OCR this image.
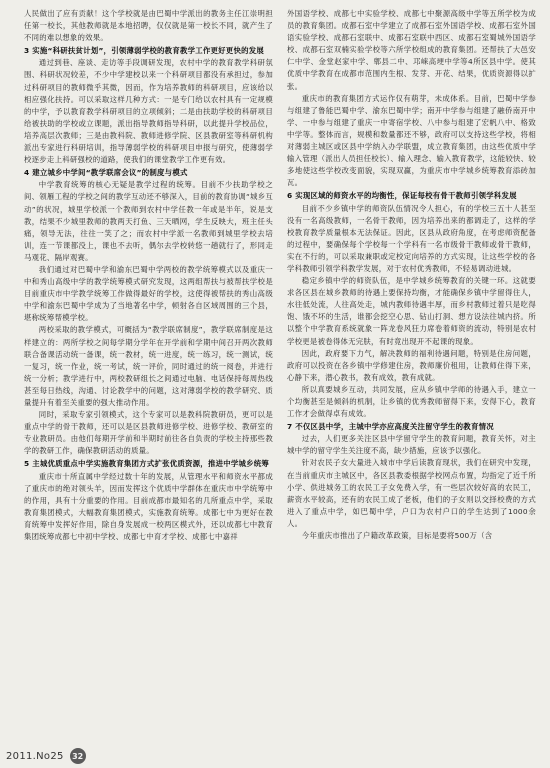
人民做出了应有贡献！这个学校就是由巴蜀中学派出的教务主任江崇明担任第一校长，其他教师就是本地招聘，仅仅就是第一校长不同，就产生了不同的难以想象的效果。

3 实施“科研扶贫计划”，引领薄弱学校的教育教学工作更好更快的发展

通过到巷、座谈、走访等手段调研发现，农村中学的教育教学科研氛围、科研状况较差，不少中学建校以来一个科研项目都没有承担过，参加过科研项目的教师微乎其微，因而，作为培养教师的科研项目，应该给以相应强化扶持。可以采取这样几种方式：一是专门给以农村具有一定规模的中学，予以教育教学科研项目的立项倾斜；二是由扶助学校的科研项目给被扶助的学校或立课题，派出指导教师指导科研，以此提升学校品位，培养高层次教师；三是由教科院、教师进修学院、区县教研室等科研机构派出专家进行科研培训，指导薄弱学校的科研项目申报与研究，使薄弱学校逐步走上科研强校的道路，使我们的课堂教学工作更有效。

4 建立城乡中学间“教学联席会议”的制度与模式

中学教育统筹的核心无疑是教学过程的统筹。目前不少扶助学校之间、领雁工程的学校之间的教学互动还不够深入，目前的教育协调“城乡互动”的状况，城里学校派一个教师到农村中学任教一年或是半年，说是支教，结果不少城里教师的教两天打鱼、三天晒网，学生反映大，班主任头痛，领导无法，往往一笑了之；而农村中学派一名教师到城里学校去培训，连一节课都没上，课也不去听，偶尔去学校转悠一趟就行了，形同走马观花、隔岸观赛。

我们通过对巴蜀中学和渝东巴蜀中学两校的教学统筹模式以及重庆一中和秀山高级中学的教学统筹模式研究发现，这两组帮扶与被帮扶学校是目前重庆市中学教学统筹工作做得最好的学校，这使得被帮扶的秀山高级中学和渝东巴蜀中学成为了当地著名中学，顿射各自区域周围的三个县，堪称统筹帮模学校。

两校采取的教学模式，可概括为“教学联席制度”，教学联席制度是这样建立的：两所学校之间每学期分学年在开学前和学期中间召开两次教师联合备课活动统一备课，统一教材，统一进度，统一练习，统一测试，统一复习，统一作业，统一考试，统一评价，同时通过的统一阅卷，并进行统一分析；教学进行中，两校教研组长之间通过电脑、电话保持每周热线甚至每日热线，沟通、讨论教学中的问题，这对薄弱学校的教学研究、质量提升有着至关重要的强大推动作用。

同时，采取专家引领模式，这个专家可以是教科院教研员，更可以是重点中学的骨干教师，还可以是区县教师进修学校、进修学校、教研室的专业教研员。由他们每期开学前和半期时前往各自负责的学校主持那些教学的教研工作，确保教研活动的质量。

5 主城优质重点中学实施教育集团方式扩张优质资源，推进中学城乡统筹

重庆市十所直属中学经过数十年的发展，从管理水平和师资水平都成了重庆市的绝对领头羊，因而发挥这个优质中学群体在重庆市中学统筹中的作用，具有十分重要的作用。目前成都市最知名的几所重点中学，采取教育集团模式，大幅教育集团模式，实施教育统筹。成都七中为更好在教育统筹中发挥好作用，除自身发展成一校两区模式外，还以成都七中教育集团统筹成都七中初中学校、成都七中育才学校、成都七中嘉祥

外国语学校、成都七中实验学校、成都七中聚源高级中学等五所学校为成员的教育集团。成都石室中学建立了成都石室外国语学校、成都石室外国语实验学校、成都石室联中、成都石室联中西区、成都石室蜀城外国语学校、成都石室双楠实验学校等六所学校组成的教育集团。还帮扶了大邑安仁中学、金堂赵家中学、郫县二中、邛崃高埂中学等4所区县中学。使其优质中学教育在成都市范围内生根、发芽、开花、结果，优质资源得以扩张。

重庆市的教育集团方式运作仅有萌芽，未成体系。目前，巴蜀中学参与组建了鲁能巴蜀中学、渝东巴蜀中学；南开中学参与组建了融侨南开中学、一中参与组建了重庆一中寄宿学校、八中参与组建了宏帆八中、格致中学等。整体而言，规模和数量都还不够，政府可以支持这些学校，将相对薄弱主城区或区县中学纳入办学联盟，成立教育集团，由这些优质中学输入管理（派出人员担任校长）、输入理念、输入教育教学，这能较快、较多地使这些学校改变面貌，实现双赢，为重庆市中学城乡统筹教育添砖加瓦。

6 实现区域的师资水平的均衡性，保证每校有骨干教师引领学科发展

目前不少乡镇中学的师资队伍情况令人担心，有的学校三五十人甚至没有一名高级教师，一名骨干教师，因为培养出来的都调走了，这样的学校教育教学质量根本无法保证。因此，区县从政府角度，在考虑师资配备的过程中，要确保每个学校每一个学科有一名市级骨干教师或骨干教师，实在不行的，可以采取兼职或定校定向培养的方式实现，让这些学校的各学科教师引领学科教学发展，对于农村优秀教师，不轻易调动进城。

稳定乡镇中学的师资队伍，是中学城乡统筹教育的关键一环。这就要求各区县在城乡教师的待遇上要保持均衡，才能确保乡镇中学留得住人，水往低处流，人往高处走，城内教师待遇丰厚，而乡村教师过着只是吃得饱、饿不坏的生活，谁都会挖空心思、钻山打洞、想方设法往城内挤。所以整个中学教育系统就象一阵龙卷风狂力席卷着师资的流动，特别是农村学校更是被卷得体无完肤，有时竟出现开不起课的现象。

因此，政府要下力气，解决教师的福利待遇问题，特别是住房问题，政府可以投资在各乡镇中学修建住房，教师廉价租用，让教师住得下来，心静下来，潜心教书，教有成效，教有成就。

所以真要城乡互动，共同发展，应从乡镇中学师的待遇入手，建立一个均衡甚至是倾斜的机制，让乡镇的优秀教师留得下来，安得下心，教育工作才会做得卓有成效。

7 不仅区县中学，主城中学亦应高度关注留守学生的教育情况

过去，人们更多关注区县中学留守学生的教育问题，教育关怀，对主城中学的留守学生关注度不高，缺少措施，应该予以强化。

针对农民子女大量进入城市中学后读教育现状，我们在研究中发现，在当前重庆市主城区中，各区县教委根据学校网点布置，均指定了近千所小学、供进城务工的农民工子女免费入学，有一些层次较好高的农民工，薪资水平较高，还有的农民工成了老板，他们的子女则以交择校费的方式进入了重点中学，如巴蜀中学，户口为农村户口的学生达到了1000余人。

今年重庆市推出了户籍改革政策，目标是要将500万（含

2011.No25	32
